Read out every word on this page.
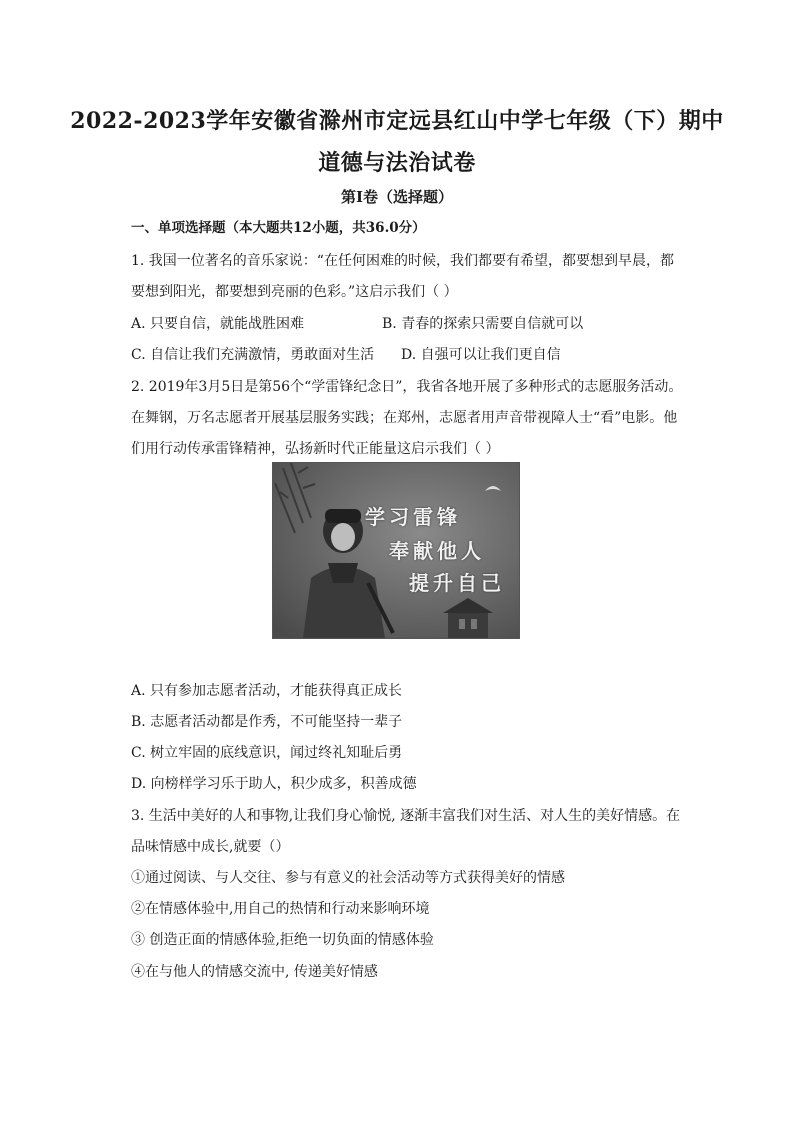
2022-2023学年安徽省滁州市定远县红山中学七年级（下）期中
道德与法治试卷
第Ⅰ卷（选择题）
一、单项选择题（本大题共12小题，共36.0分）
1. 我国一位著名的音乐家说：“在任何困难的时候，我们都要有希望，都要想到早晨，都
要想到阳光，都要想到亮丽的色彩。”这启示我们（ ）
A. 只要自信，就能战胜困难	B. 青春的探索只需要自信就可以
C. 自信让我们充满激情，勇敢面对生活 D. 自强可以让我们更自信
2. 2019年3月5日是第56个“学雷锋纪念日”，我省各地开展了多种形式的志愿服务活动。
在舞钢，万名志愿者开展基层服务实践；在郑州，志愿者用声音带视障人士“看”电影。他
们用行动传承雷锋精神，弘扬新时代正能量这启示我们（ ）
学习雷锋
奉献他人
提升自己
A. 只有参加志愿者活动，才能获得真正成长
B. 志愿者活动都是作秀，不可能坚持一辈子
C. 树立牢固的底线意识，闻过终礼知耻后勇
D. 向榜样学习乐于助人，积少成多，积善成德
3. 生活中美好的人和事物,让我们身心愉悦, 逐渐丰富我们对生活、对人生的美好情感。在
品味情感中成长,就要（）
①通过阅读、与人交往、参与有意义的社会活动等方式获得美好的情感
②在情感体验中,用自己的热情和行动来影响环境
③ 创造正面的情感体验,拒绝一切负面的情感体验
④在与他人的情感交流中, 传递美好情感
